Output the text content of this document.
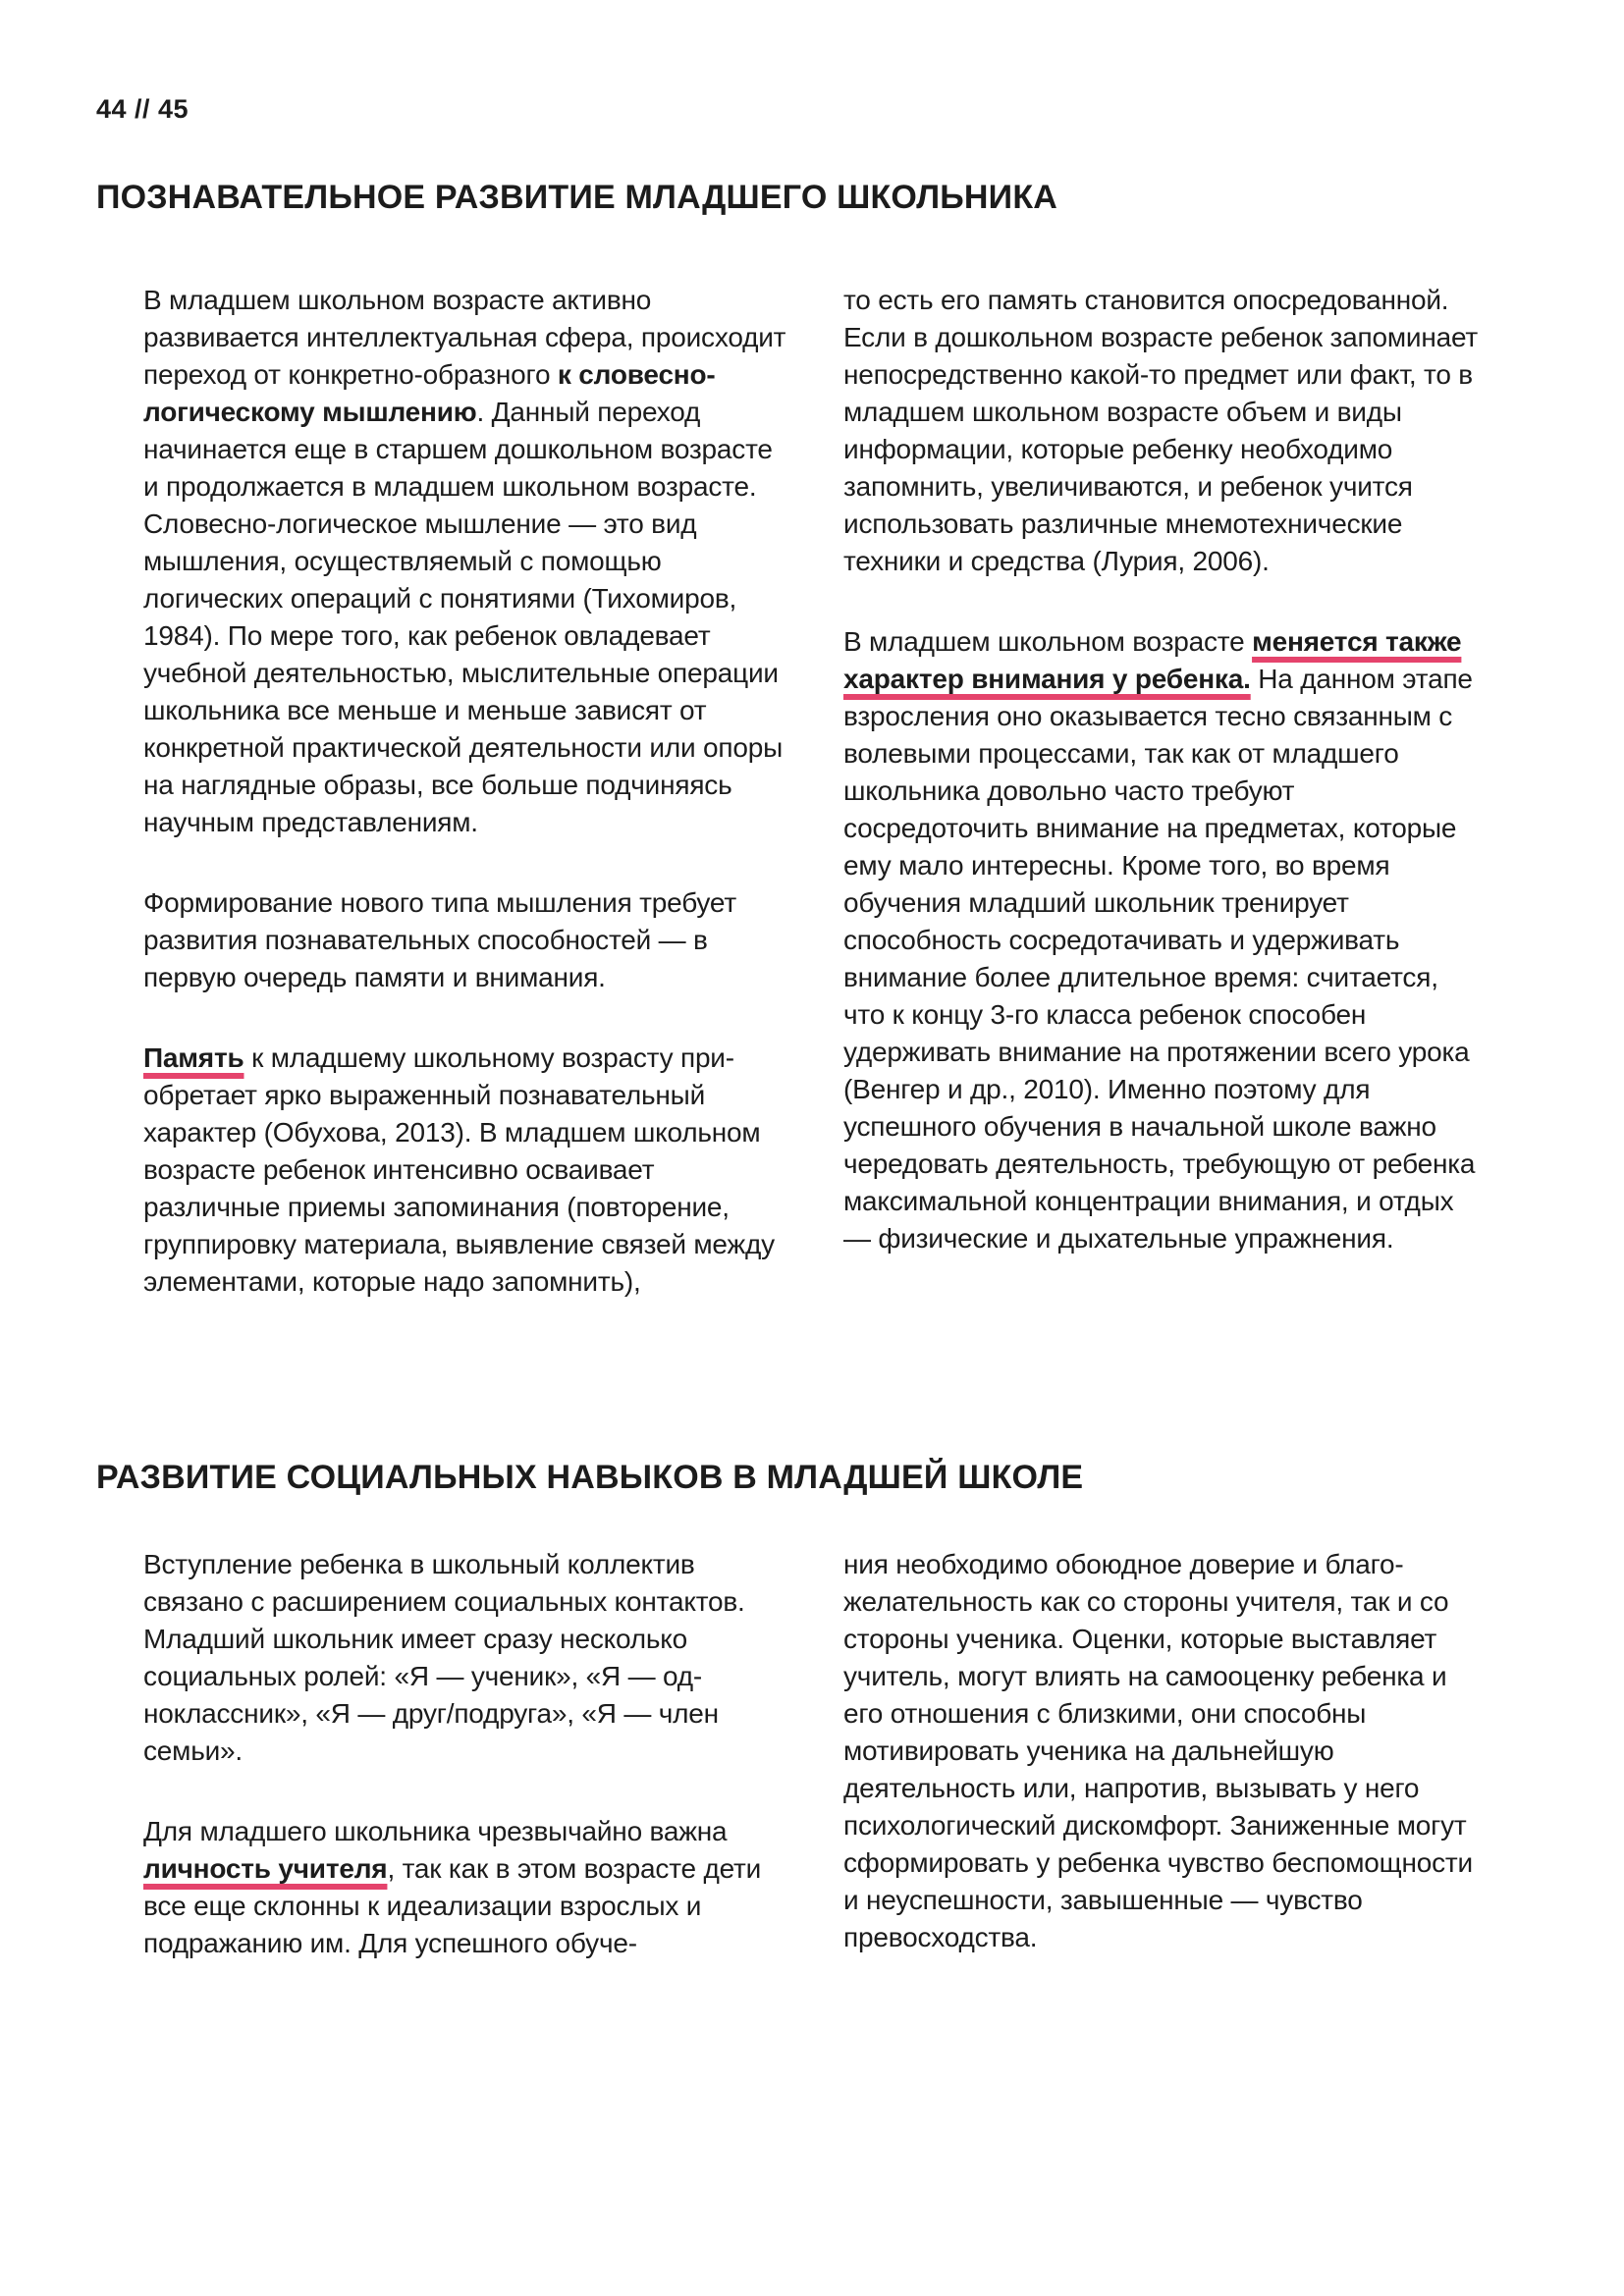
44 // 45
ПОЗНАВАТЕЛЬНОЕ РАЗВИТИЕ МЛАДШЕГО ШКОЛЬНИКА

В младшем школьном возрасте активно развивается интеллектуальная сфера, происходит переход от конкретно-образного к словесно-логическому мышлению. Данный переход начинается еще в старшем дошкольном возрасте и продолжается в младшем школьном возрасте. Словесно-логическое мышление — это вид мышления, осуществляемый с помощью логических операций с понятиями (Тихомиров, 1984). По мере того, как ребенок овладевает учебной деятельностью, мыслительные операции школьника все меньше и меньше зависят от конкретной практической деятельности или опоры на наглядные образы, все больше подчиняясь научным представлениям.

Формирование нового типа мышления требует развития познавательных способностей — в первую очередь памяти и внимания.

Память к младшему школьному возрасту приобретает ярко выраженный познавательный характер (Обухова, 2013). В младшем школьном возрасте ребенок интенсивно осваивает различные приемы запоминания (повторение, группировку материала, выявление связей между элементами, которые надо запомнить),

то есть его память становится опосредованной. Если в дошкольном возрасте ребенок запоминает непосредственно какой-то предмет или факт, то в младшем школьном возрасте объем и виды информации, которые ребенку необходимо запомнить, увеличиваются, и ребенок учится использовать различные мнемотехнические техники и средства (Лурия, 2006).

В младшем школьном возрасте меняется также характер внимания у ребенка. На данном этапе взросления оно оказывается тесно связанным с волевыми процессами, так как от младшего школьника довольно часто требуют сосредоточить внимание на предметах, которые ему мало интересны. Кроме того, во время обучения младший школьник тренирует способность сосредотачивать и удерживать внимание более длительное время: считается, что к концу 3-го класса ребенок способен удерживать внимание на протяжении всего урока (Венгер и др., 2010). Именно поэтому для успешного обучения в начальной школе важно чередовать деятельность, требующую от ребенка максимальной концентрации внимания, и отдых — физические и дыхательные упражнения.

РАЗВИТИЕ СОЦИАЛЬНЫХ НАВЫКОВ В МЛАДШЕЙ ШКОЛЕ

Вступление ребенка в школьный коллектив связано с расширением социальных контактов. Младший школьник имеет сразу несколько социальных ролей: «Я — ученик», «Я — одноклассник», «Я — друг/подруга», «Я — член семьи».

Для младшего школьника чрезвычайно важна личность учителя, так как в этом возрасте дети все еще склонны к идеализации взрослых и подражанию им. Для успешного обуче-

ния необходимо обоюдное доверие и благожелательность как со стороны учителя, так и со стороны ученика. Оценки, которые выставляет учитель, могут влиять на самооценку ребенка и его отношения с близкими, они способны мотивировать ученика на дальнейшую деятельность или, напротив, вызывать у него психологический дискомфорт. Заниженные могут сформировать у ребенка чувство беспомощности и неуспешности, завышенные — чувство превосходства.
